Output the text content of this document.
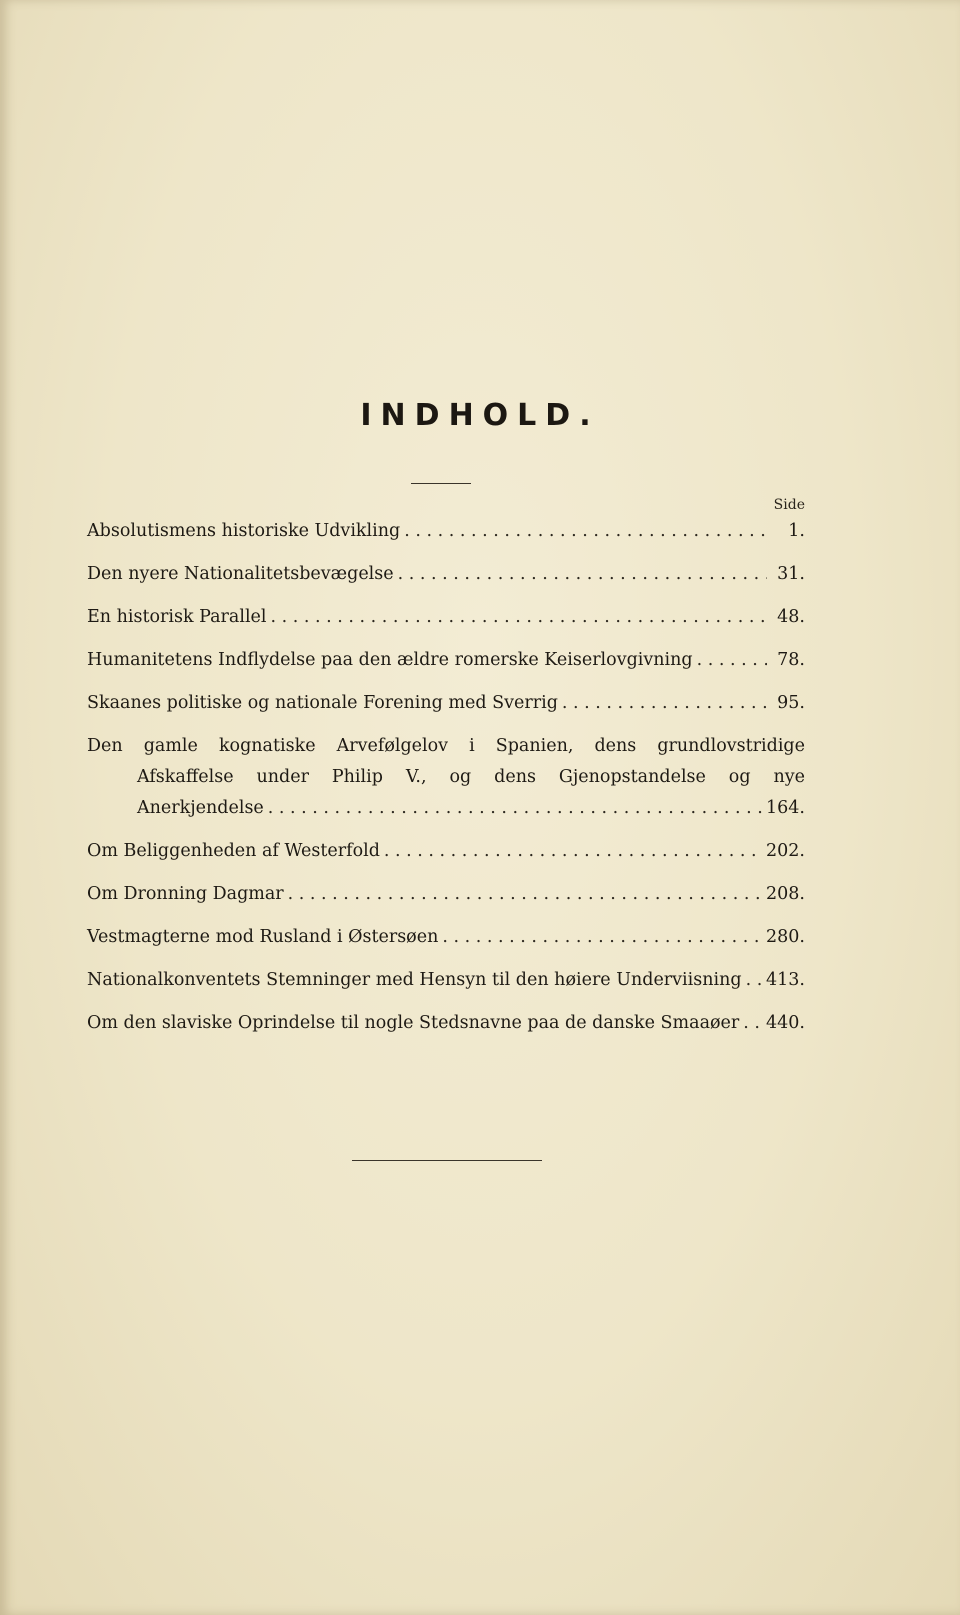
INDHOLD.
Side
Absolutismens historiske Udvikling . . .	1.
Den nyere Nationalitetsbevægelse . . .	31.
En historisk Parallel . . .	48.
Humanitetens Indflydelse paa den ældre romerske Keiserlovgivning . . .	78.
Skaanes politiske og nationale Forening med Sverrig . . .	95.
Den gamle kognatiske Arvefølgelov i Spanien, dens grundlovstridige
Afskaffelse under Philip V., og dens Gjenopstandelse og nye
Anerkjendelse . . .	164.
Om Beliggenheden af Westerfold . . .	202.
Om Dronning Dagmar . . .	208.
Vestmagterne mod Rusland i Østersøen . . .	280.
Nationalkonventets Stemninger med Hensyn til den høiere Underviisning . . . 413.
Om den slaviske Oprindelse til nogle Stedsnavne paa de danske Smaaøer . . . 440.
